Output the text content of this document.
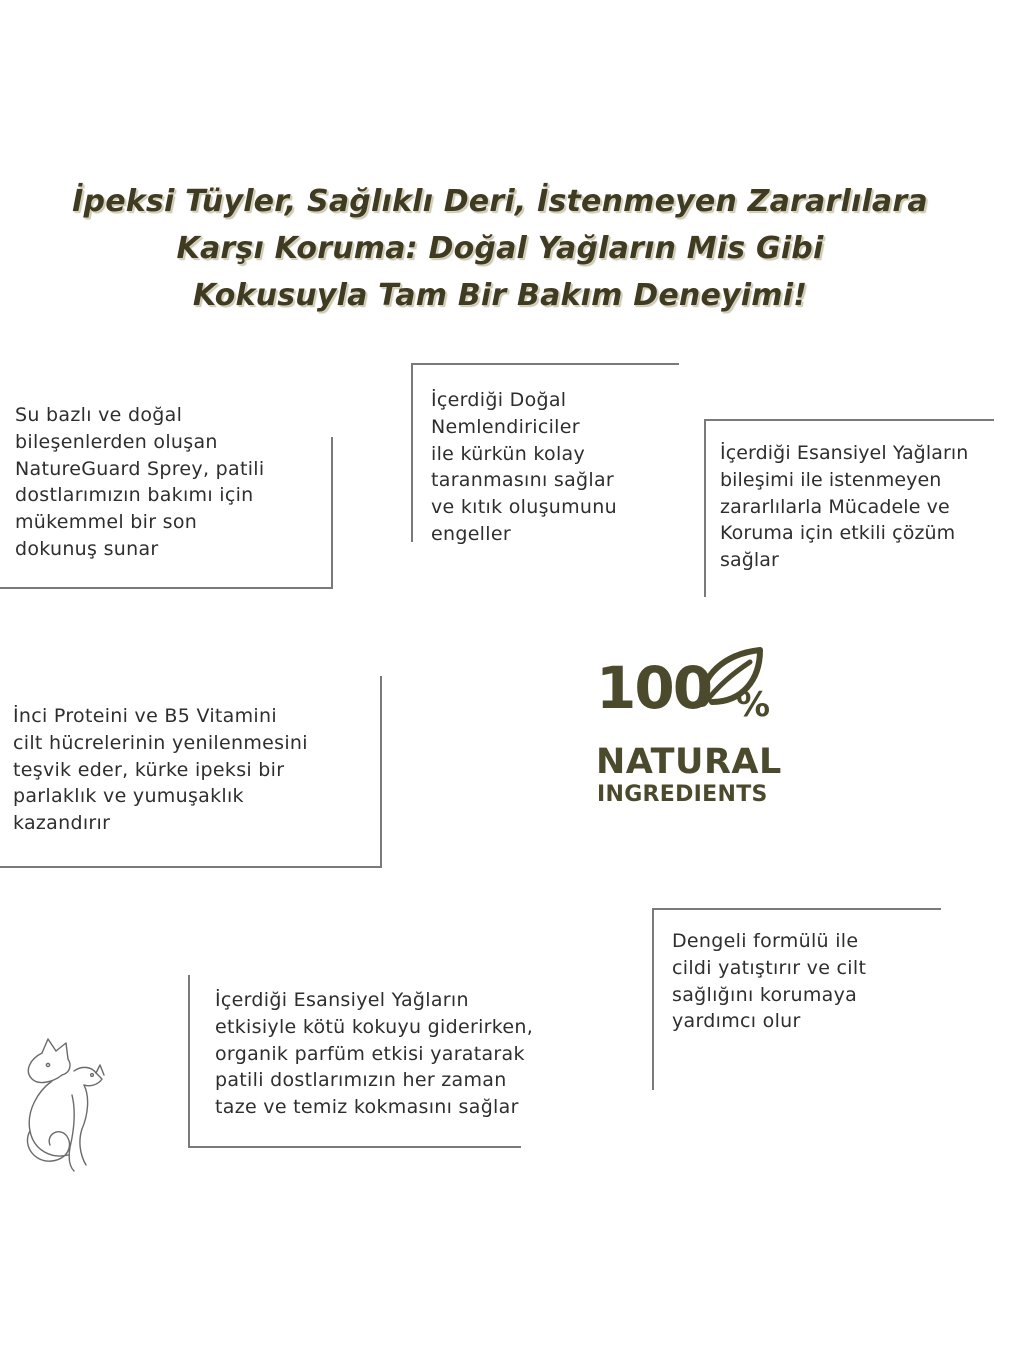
İpeksi Tüyler, Sağlıklı Deri, İstenmeyen Zararlılara
Karşı Koruma: Doğal Yağların Mis Gibi
Kokusuyla Tam Bir Bakım Deneyimi!
Su bazlı ve doğal
bileşenlerden oluşan
NatureGuard Sprey, patili
dostlarımızın bakımı için
mükemmel bir son
dokunuş sunar
İçerdiği Doğal
Nemlendiriciler
ile kürkün kolay
taranmasını sağlar
ve kıtık oluşumunu
engeller
İçerdiği Esansiyel Yağların
bileşimi ile istenmeyen
zararlılarla Mücadele ve
Koruma için etkili çözüm
sağlar
İnci Proteini ve B5 Vitamini
cilt hücrelerinin yenilenmesini
teşvik eder, kürke ipeksi bir
parlaklık ve yumuşaklık
kazandırır
100 %
NATURAL
INGREDIENTS
Dengeli formülü ile
cildi yatıştırır ve cilt
sağlığını korumaya
yardımcı olur
İçerdiği Esansiyel Yağların
etkisiyle kötü kokuyu giderirken,
organik parfüm etkisi yaratarak
patili dostlarımızın her zaman
taze ve temiz kokmasını sağlar
